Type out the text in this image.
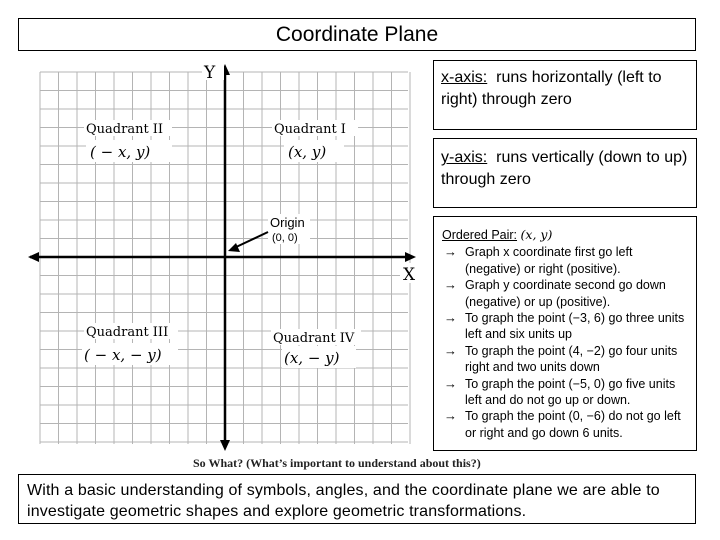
Coordinate Plane
Y
X
Quadrant II
( − x, y)
Quadrant I
(x, y)
Quadrant III
( − x, − y)
Quadrant IV
(x, − y)
Origin
(0, 0)
x-axis: runs horizontally (left to right) through zero
y-axis: runs vertically (down to up) through zero
Ordered Pair: (x, y)
→ Graph x coordinate first go left (negative) or right (positive).
→ Graph y coordinate second go down (negative) or up (positive).
→ To graph the point (−3, 6) go three units left and six units up
→ To graph the point (4, −2) go four units right and two units down
→ To graph the point (−5, 0) go five units left and do not go up or down.
→ To graph the point (0, −6) do not go left or right and go down 6 units.
So What? (What’s important to understand about this?)
With a basic understanding of symbols, angles, and the coordinate plane we are able to investigate geometric shapes and explore geometric transformations.
